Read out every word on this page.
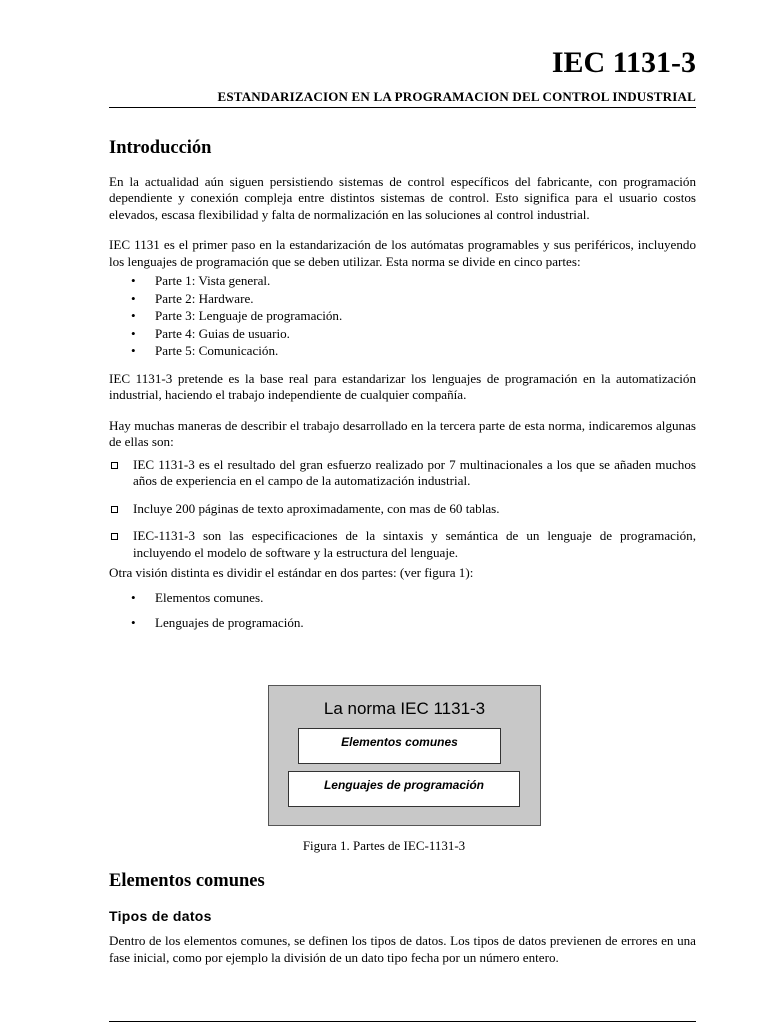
IEC 1131-3
ESTANDARIZACION EN LA PROGRAMACION DEL CONTROL INDUSTRIAL
Introducción

En la actualidad aún siguen persistiendo sistemas de control específicos del fabricante, con programación dependiente y conexión compleja entre distintos sistemas de control. Esto significa para el usuario costos elevados, escasa flexibilidad y falta de normalización en las soluciones al control industrial.

IEC 1131 es el primer paso en la estandarización de los autómatas programables y sus periféricos, incluyendo los lenguajes de programación que se deben utilizar. Esta norma se divide en cinco partes:

• Parte 1: Vista general.
• Parte 2: Hardware.
• Parte 3: Lenguaje de programación.
• Parte 4: Guias de usuario.
• Parte 5: Comunicación.

IEC 1131-3 pretende es la base real para estandarizar los lenguajes de programación en la automatización industrial, haciendo el trabajo independiente de cualquier compañía.

Hay muchas maneras de describir el trabajo desarrollado en la tercera parte de esta norma, indicaremos algunas de ellas son:

IEC 1131-3 es el resultado del gran esfuerzo realizado por 7 multinacionales a los que se añaden muchos años de experiencia en el campo de la automatización industrial.
Incluye 200 páginas de texto aproximadamente, con mas de 60 tablas.
IEC-1131-3 son las especificaciones de la sintaxis y semántica de un lenguaje de programación, incluyendo el modelo de software y la estructura del lenguaje.

Otra visión distinta es dividir el estándar en dos partes: (ver figura 1):

• Elementos comunes.
• Lenguajes de programación.
La norma IEC 1131-3
Elementos comunes
Lenguajes de programación
Figura 1. Partes de IEC-1131-3
Elementos comunes
Tipos de datos

Dentro de los elementos comunes, se definen los tipos de datos. Los tipos de datos previenen de errores en una fase inicial, como por ejemplo la división de un dato tipo fecha por un número entero.
